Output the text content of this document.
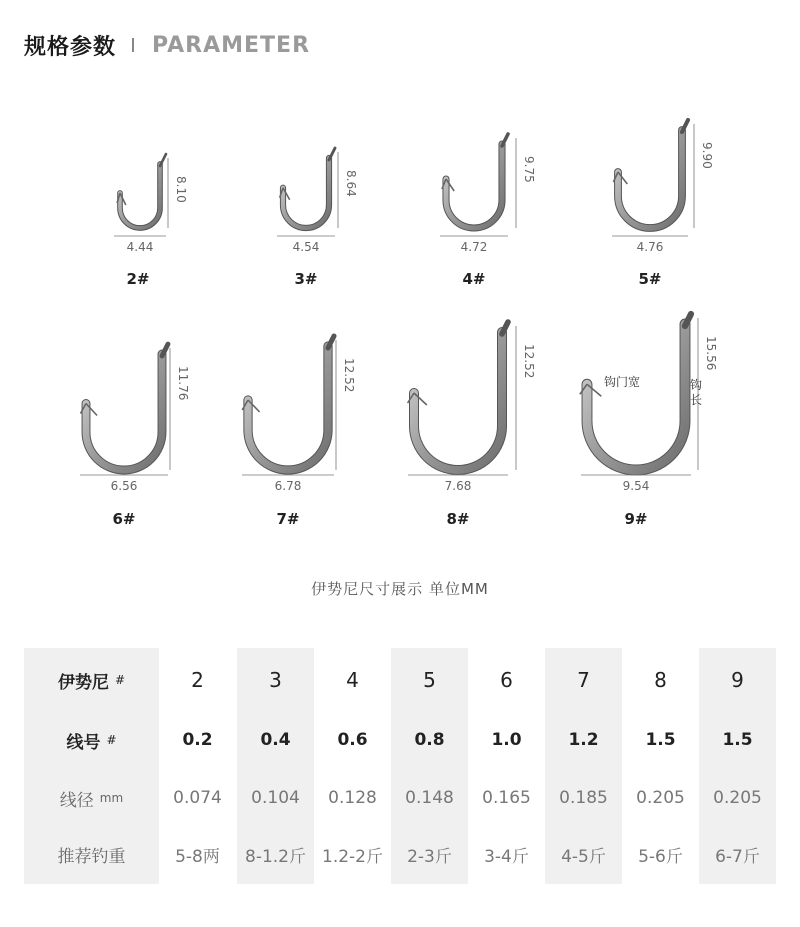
规格参数 PARAMETER
钩门宽	钩长
4.44
8.10
2#
4.54
8.64
3#
4.72
9.75
4#
4.76
9.90
5#
6.56
11.76
6#
6.78
12.52
7#
7.68
12.52
8#
9.54
15.56
9#
伊势尼尺寸展示 单位MM
伊势尼 #
线号 #
线径 mm
推荐钓重
2
0.2
0.074
5-8两
3
0.4
0.104
8-1.2斤
4
0.6
0.128
1.2-2斤
5
0.8
0.148
2-3斤
6
1.0
0.165
3-4斤
7
1.2
0.185
4-5斤
8
1.5
0.205
5-6斤
9
1.5
0.205
6-7斤
